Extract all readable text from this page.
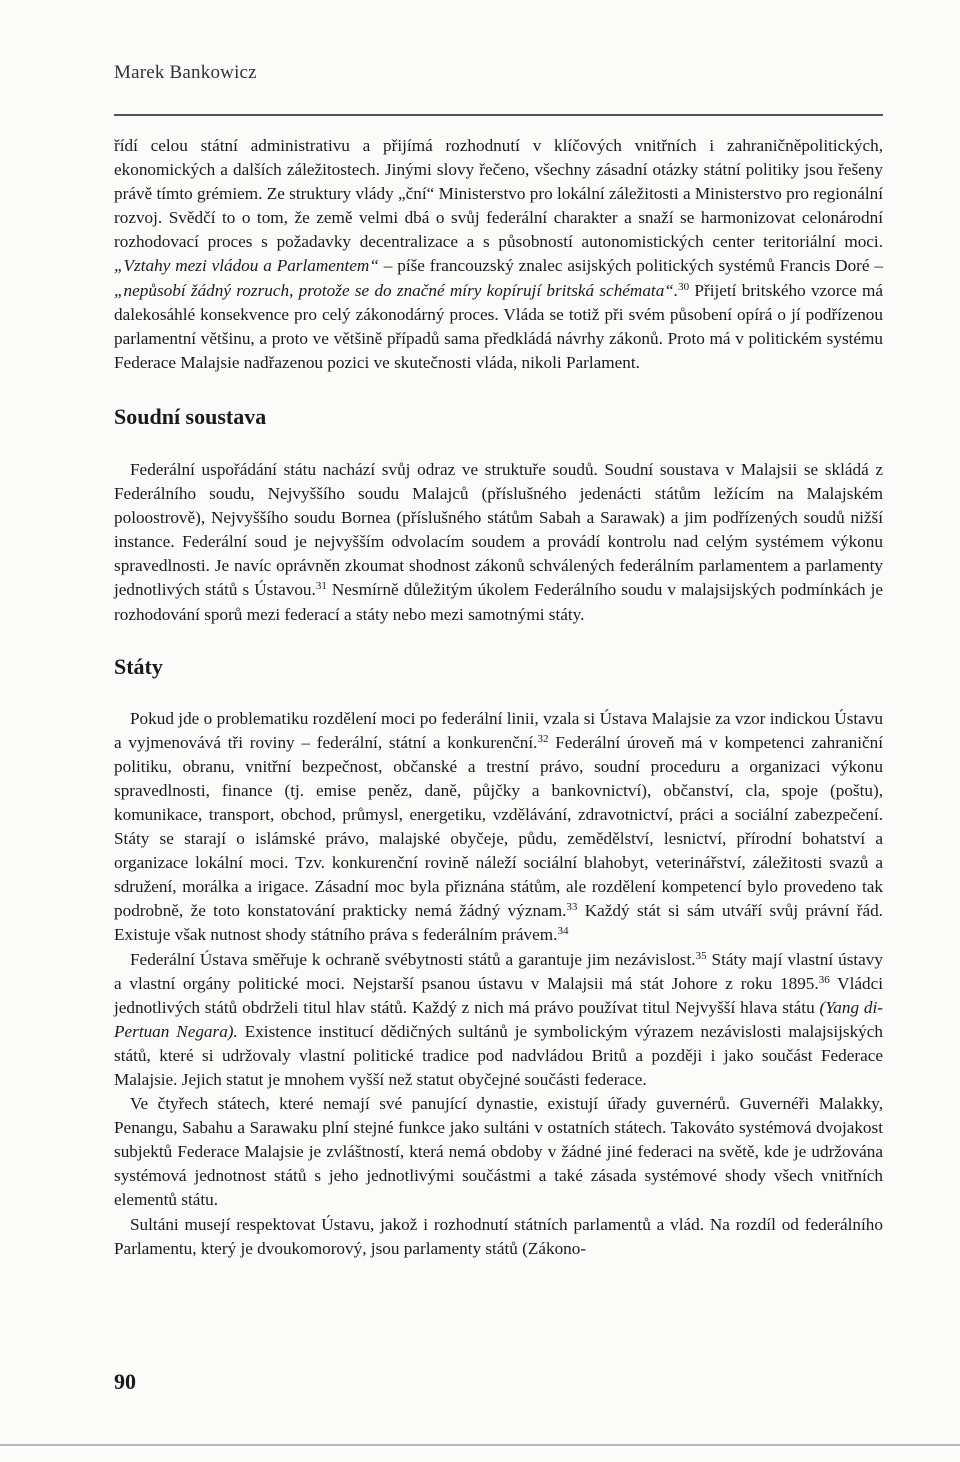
Marek Bankowicz

řídí celou státní administrativu a přijímá rozhodnutí v klíčových vnitřních i zahraničněpolitických, ekonomických a dalších záležitostech. Jinými slovy řečeno, všechny zásadní otázky státní politiky jsou řešeny právě tímto grémiem. Ze struktury vlády „ční“ Ministerstvo pro lokální záležitosti a Ministerstvo pro regionální rozvoj. Svědčí to o tom, že země velmi dbá o svůj federální charakter a snaží se harmonizovat celonárodní rozhodovací proces s požadavky decentralizace a s působností autonomistických center teritoriální moci. „Vztahy mezi vládou a Parlamentem“ – píše francouzský znalec asijských politických systémů Francis Doré – „nepůsobí žádný rozruch, protože se do značné míry kopírují britská schémata“.$^{30}$ Přijetí britského vzorce má dalekosáhlé konsekvence pro celý zákonodárný proces. Vláda se totiž při svém působení opírá o jí podřízenou parlamentní většinu, a proto ve většině případů sama předkládá návrhy zákonů. Proto má v politickém systému Federace Malajsie nadřazenou pozici ve skutečnosti vláda, nikoli Parlament.

Soudní soustava

Federální uspořádání státu nachází svůj odraz ve struktuře soudů. Soudní soustava v Malajsii se skládá z Federálního soudu, Nejvyššího soudu Malajců (příslušného jedenácti státům ležícím na Malajském poloostrově), Nejvyššího soudu Bornea (příslušného státům Sabah a Sarawak) a jim podřízených soudů nižší instance. Federální soud je nejvyšším odvolacím soudem a provádí kontrolu nad celým systémem výkonu spravedlnosti. Je navíc oprávněn zkoumat shodnost zákonů schválených federálním parlamentem a parlamenty jednotlivých států s Ústavou.$^{31}$ Nesmírně důležitým úkolem Federálního soudu v malajsijských podmínkách je rozhodování sporů mezi federací a státy nebo mezi samotnými státy.

Státy

Pokud jde o problematiku rozdělení moci po federální linii, vzala si Ústava Malajsie za vzor indickou Ústavu a vyjmenovává tři roviny – federální, státní a konkurenční.$^{32}$ Federální úroveň má v kompetenci zahraniční politiku, obranu, vnitřní bezpečnost, občanské a trestní právo, soudní proceduru a organizaci výkonu spravedlnosti, finance (tj. emise peněz, daně, půjčky a bankovnictví), občanství, cla, spoje (poštu), komunikace, transport, obchod, průmysl, energetiku, vzdělávání, zdravotnictví, práci a sociální zabezpečení. Státy se starají o islámské právo, malajské obyčeje, půdu, zemědělství, lesnictví, přírodní bohatství a organizace lokální moci. Tzv. konkurenční rovině náleží sociální blahobyt, veterinářství, záležitosti svazů a sdružení, morálka a irigace. Zásadní moc byla přiznána státům, ale rozdělení kompetencí bylo provedeno tak podrobně, že toto konstatování prakticky nemá žádný význam.$^{33}$ Každý stát si sám utváří svůj právní řád. Existuje však nutnost shody státního práva s federálním právem.$^{34}$

Federální Ústava směřuje k ochraně svébytnosti států a garantuje jim nezávislost.$^{35}$ Státy mají vlastní ústavy a vlastní orgány politické moci. Nejstarší psanou ústavu v Malajsii má stát Johore z roku 1895.36 Vládci jednotlivých států obdrželi titul hlav států. Každý z nich má právo používat titul Nejvyšší hlava státu (Yang di-Pertuan Negara). Existence institucí dědičných sultánů je symbolickým výrazem nezávislosti malajsijských států, které si udržovaly vlastní politické tradice pod nadvládou Britů a později i jako součást Federace Malajsie. Jejich statut je mnohem vyšší než statut obyčejné součásti federace.

Ve čtyřech státech, které nemají své panující dynastie, existují úřady guvernérů. Guvernéři Malakky, Penangu, Sabahu a Sarawaku plní stejné funkce jako sultáni v ostatních státech. Takováto systémová dvojakost subjektů Federace Malajsie je zvláštností, která nemá obdoby v žádné jiné federaci na světě, kde je udržována systémová jednotnost států s jeho jednotlivými součástmi a také zásada systémové shody všech vnitřních elementů státu.

Sultáni musejí respektovat Ústavu, jakož i rozhodnutí státních parlamentů a vlád. Na rozdíl od federálního Parlamentu, který je dvoukomorový, jsou parlamenty států (Zákono-

90
